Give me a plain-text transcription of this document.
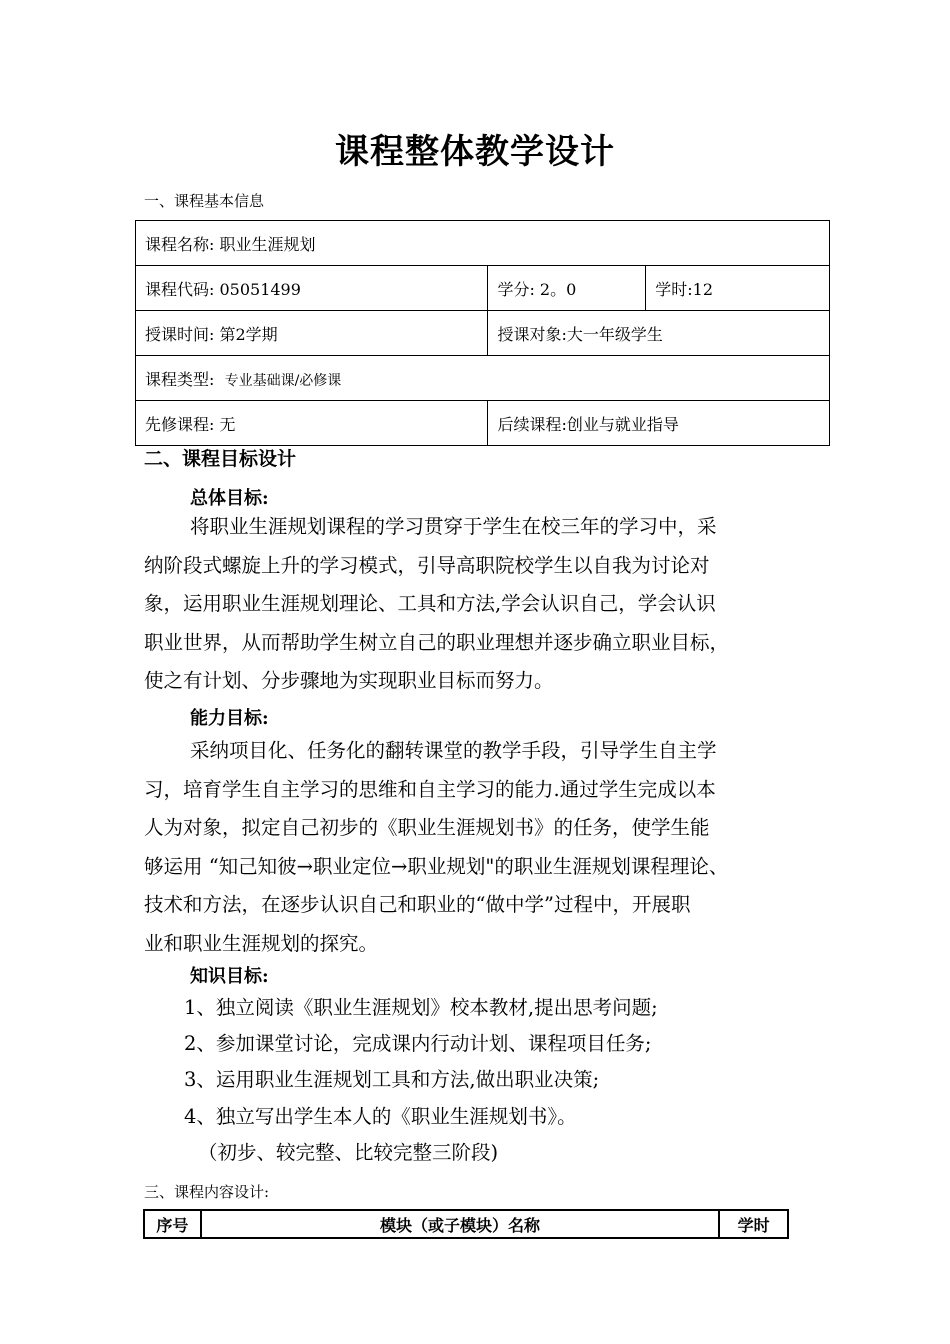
课程整体教学设计
一、课程基本信息
课程名称: 职业生涯规划		
课程代码: 05051499	学分: 2。0	学时:12
授课时间: 第2学期	授课对象:大一年级学生	
课程类型: 专业基础课/必修课		
先修课程: 无	后续课程:创业与就业指导	
二、课程目标设计
总体目标:
将职业生涯规划课程的学习贯穿于学生在校三年的学习中，采
纳阶段式螺旋上升的学习模式，引导高职院校学生以自我为讨论对
象，运用职业生涯规划理论、工具和方法,学会认识自己，学会认识
职业世界，从而帮助学生树立自己的职业理想并逐步确立职业目标，
使之有计划、分步骤地为实现职业目标而努力。
能力目标:
采纳项目化、任务化的翻转课堂的教学手段，引导学生自主学
习，培育学生自主学习的思维和自主学习的能力.通过学生完成以本
人为对象，拟定自己初步的《职业生涯规划书》的任务，使学生能
够运用 “知己知彼→职业定位→职业规划"的职业生涯规划课程理论、
技术和方法，在逐步认识自己和职业的“做中学”过程中，开展职
业和职业生涯规划的探究。
知识目标:
1、独立阅读《职业生涯规划》校本教材,提出思考问题;
2、参加课堂讨论，完成课内行动计划、课程项目任务;
3、运用职业生涯规划工具和方法,做出职业决策;
4、独立写出学生本人的《职业生涯规划书》。
（初步、较完整、比较完整三阶段)
三、课程内容设计:
序号	模块（或子模块）名称	学时
